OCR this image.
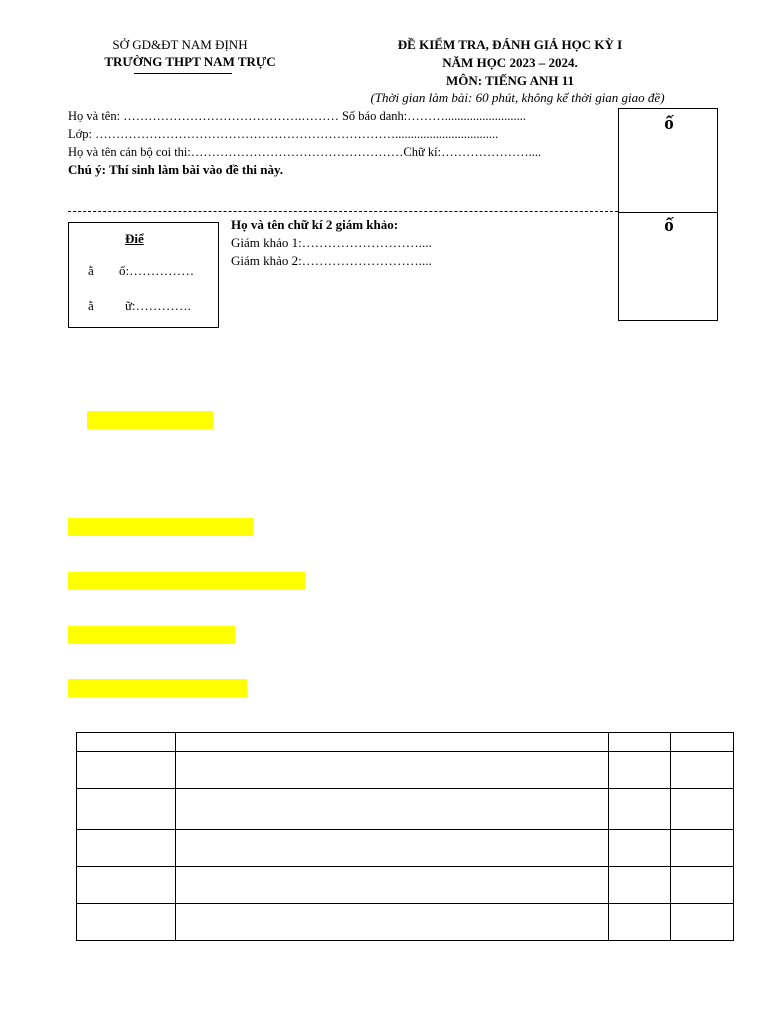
SỞ GD&ĐT NAM ĐỊNH
TRƯỜNG THPT NAM TRỰC
ĐỀ KIỂM TRA, ĐÁNH GIÁ HỌC KỲ I
NĂM HỌC 2023 – 2024.
MÔN: TIẾNG ANH 11
(Thời gian làm bài: 60 phút, không kể thời gian giao đề)
Họ và tên: …………………………………….……… Số báo danh:………..........................
Lớp: ……………………………………………………………….................................
Họ và tên cán bộ coi thi:……………………………………………Chữ kí:…………………....
Chú ý: Thí sinh làm bài vào đề thi này.
ố
ố
Điể
ằ ố:……………
ằ ữ:………….
Họ và tên chữ kí 2 giám khảo:
Giám khảo 1:………………………....
Giám khảo 2:………………………....
